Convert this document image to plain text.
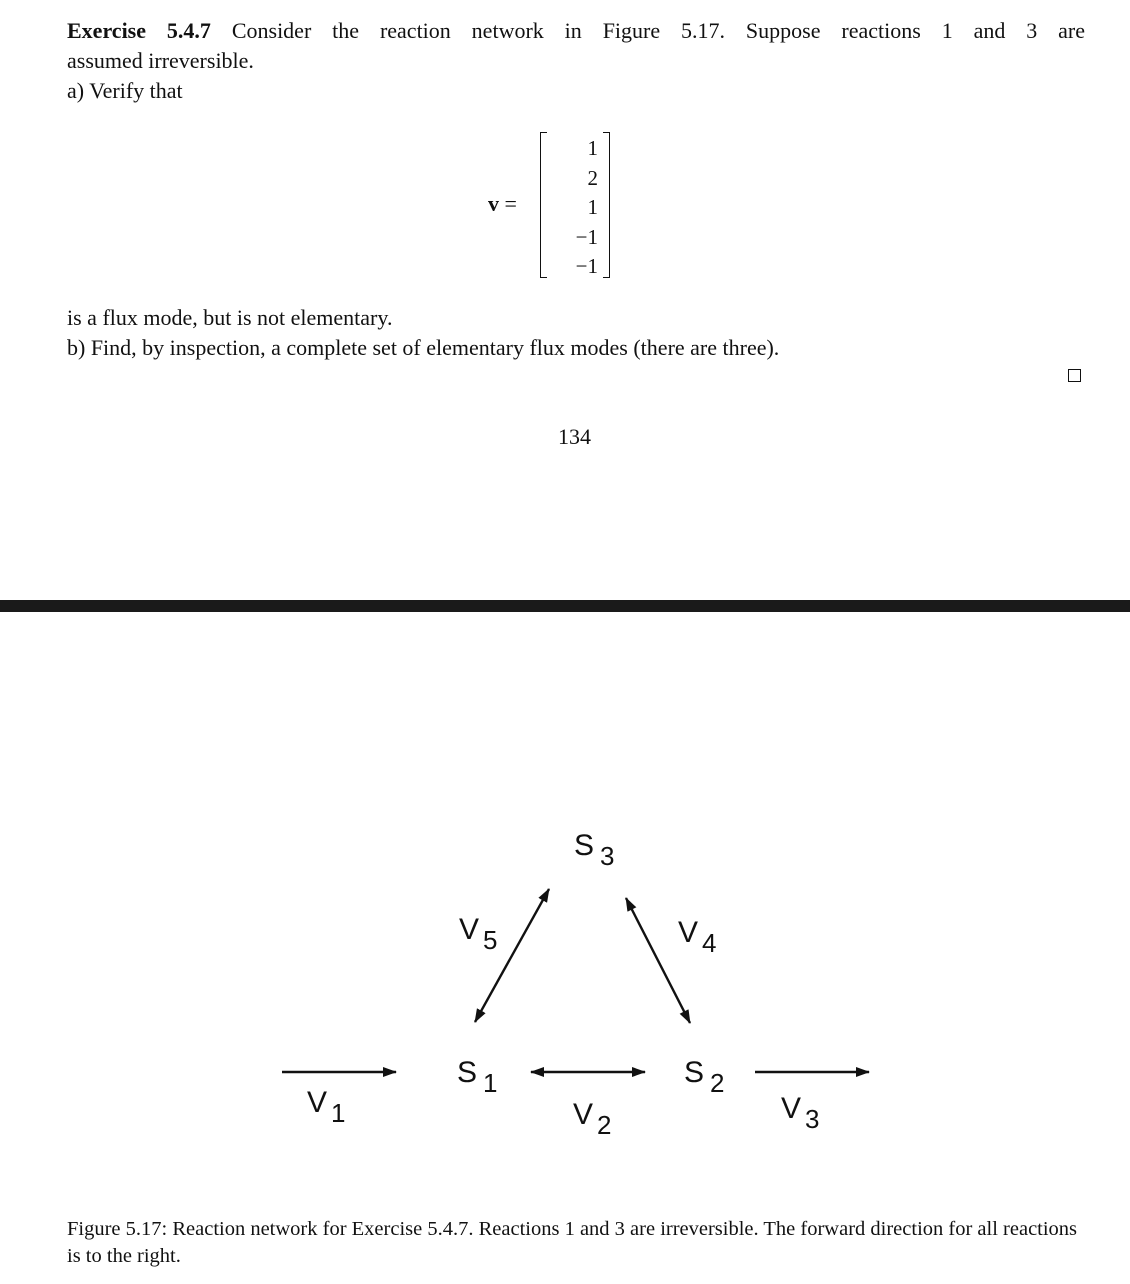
Exercise 5.4.7 Consider the reaction network in Figure 5.17. Suppose reactions 1 and 3 are
assumed irreversible.
a) Verify that
v =
1
2
1
−1
−1
is a flux mode, but is not elementary.
b) Find, by inspection, a complete set of elementary flux modes (there are three).
134
S 3
S 1	S 2
V 1	V 2	V 3
V 4
V 5
Figure 5.17: Reaction network for Exercise 5.4.7. Reactions 1 and 3 are irreversible. The forward direction for all reactions is to the right.
